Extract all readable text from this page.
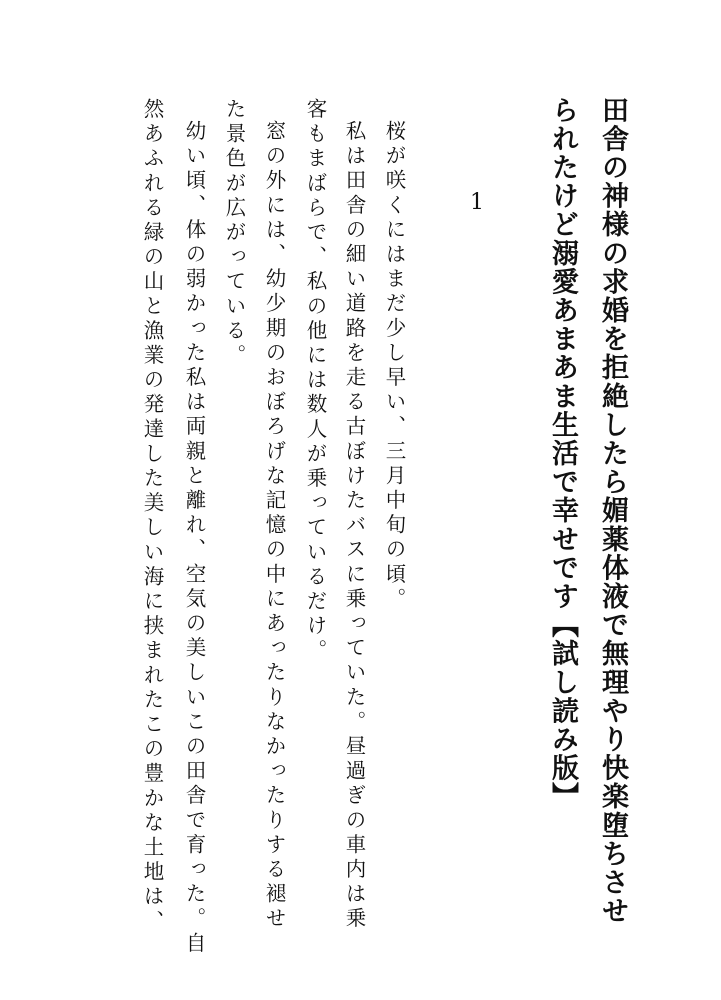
田舎の神様の求婚を拒絶したら媚薬体液で無理やり快楽堕ちさせ
られたけど溺愛あまあま生活で幸せです【試し読み版】
1
桜が咲くにはまだ少し早い、三月中旬の頃。
私は田舎の細い道路を走る古ぼけたバスに乗っていた。昼過ぎの車内は乗
客もまばらで、私の他には数人が乗っているだけ。
窓の外には、幼少期のおぼろげな記憶の中にあったりなかったりする褪せ
た景色が広がっている。
幼い頃、体の弱かった私は両親と離れ、空気の美しいこの田舎で育った。自
然あふれる緑の山と漁業の発達した美しい海に挟まれたこの豊かな土地は、
